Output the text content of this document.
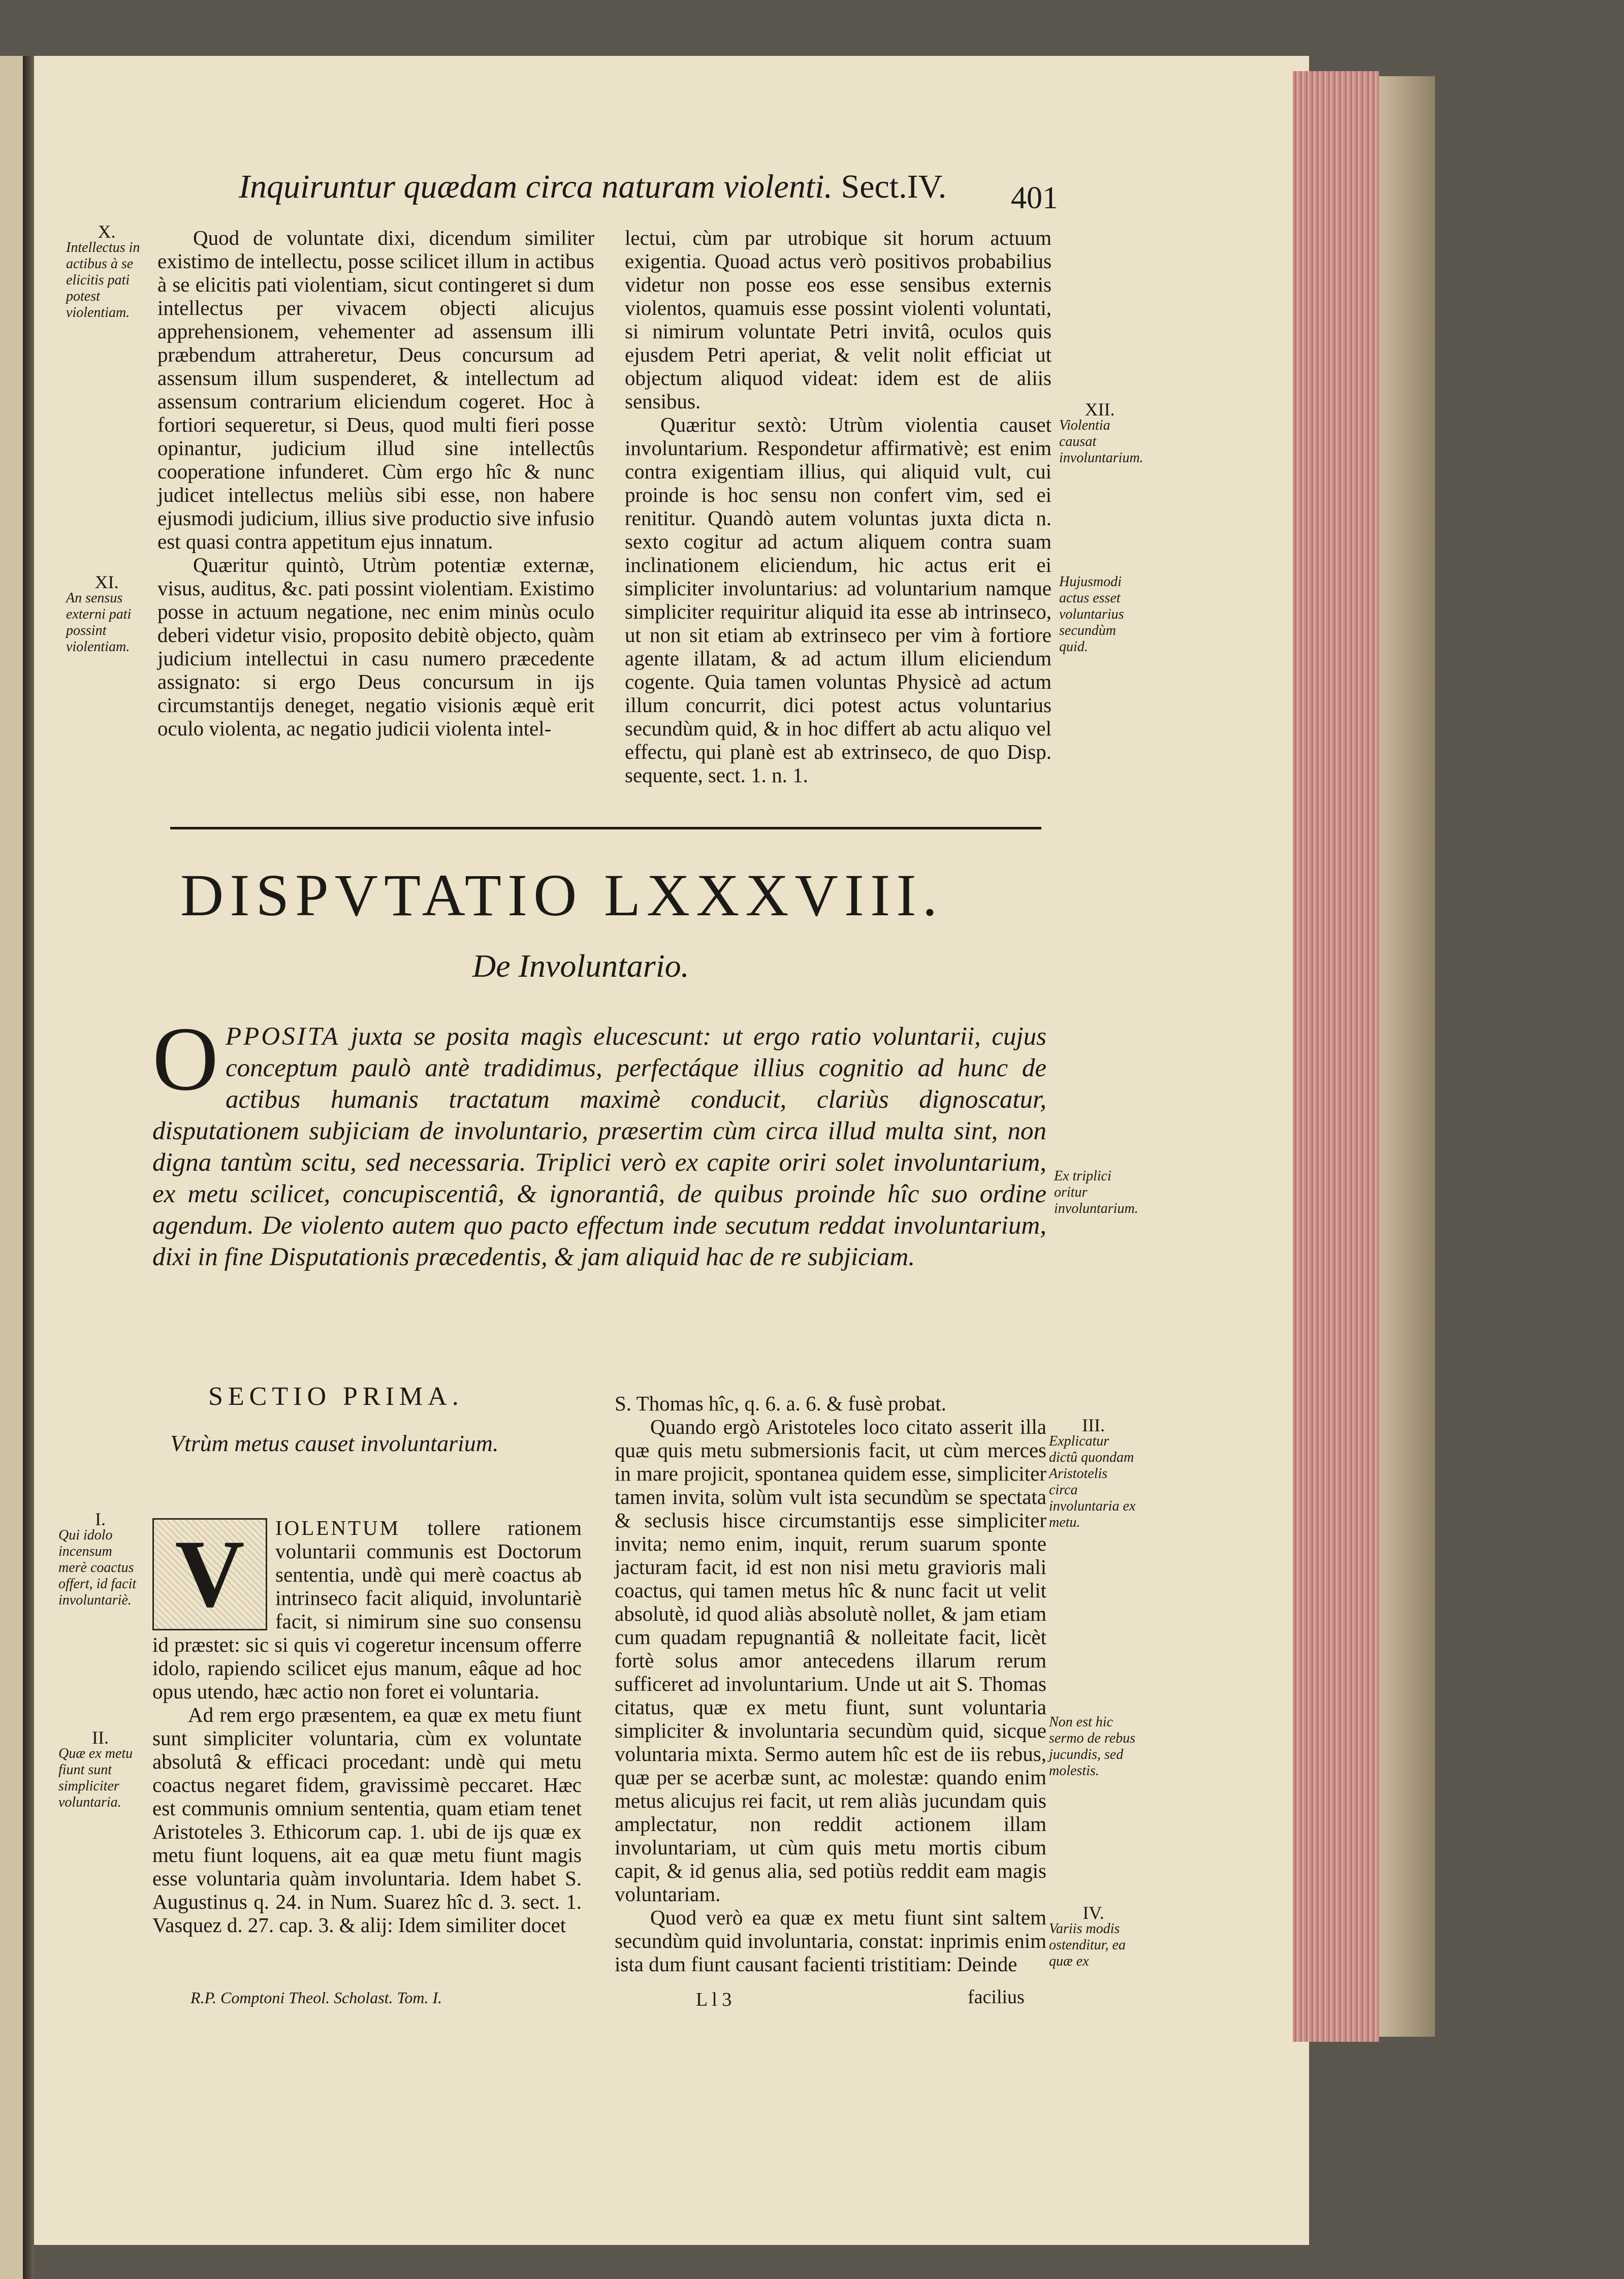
Inquiruntur quædam circa naturam violenti. Sect.IV.	401
X.
Intellectus in actibus à se elicitis pati potest violentiam.
XI.
An sensus externi pati possint violentiam.

Quod de voluntate dixi, dicendum similiter existimo de intellectu, posse scilicet illum in actibus à se elicitis pati violentiam, sicut contingeret si dum intellectus per vivacem objecti alicujus apprehensionem, vehementer ad assensum illi præbendum attraheretur, Deus concursum ad assensum illum suspenderet, & intellectum ad assensum contrarium eliciendum cogeret. Hoc à fortiori sequeretur, si Deus, quod multi fieri posse opinantur, judicium illud sine intellectûs cooperatione infunderet. Cùm ergo hîc & nunc judicet intellectus meliùs sibi esse, non habere ejusmodi judicium, illius sive productio sive infusio est quasi contra appetitum ejus innatum.

Quæritur quintò, Utrùm potentiæ externæ, visus, auditus, &c. pati possint violentiam. Existimo posse in actuum negatione, nec enim minùs oculo deberi videtur visio, proposito debitè objecto, quàm judicium intellectui in casu numero præcedente assignato: si ergo Deus concursum in ijs circumstantijs deneget, negatio visionis æquè erit oculo violenta, ac negatio judicii violenta intel-

lectui, cùm par utrobique sit horum actuum exigentia. Quoad actus verò positivos probabilius videtur non posse eos esse sensibus externis violentos, quamuis esse possint violenti voluntati, si nimirum voluntate Petri invitâ, oculos quis ejusdem Petri aperiat, & velit nolit efficiat ut objectum aliquod videat: idem est de aliis sensibus.

Quæritur sextò: Utrùm violentia causet involuntarium. Respondetur affirmativè; est enim contra exigentiam illius, qui aliquid vult, cui proinde is hoc sensu non confert vim, sed ei renititur. Quandò autem voluntas juxta dicta n. sexto cogitur ad actum aliquem contra suam inclinationem eliciendum, hic actus erit ei simpliciter involuntarius: ad voluntarium namque simpliciter requiritur aliquid ita esse ab intrinseco, ut non sit etiam ab extrinseco per vim à fortiore agente illatam, & ad actum illum eliciendum cogente. Quia tamen voluntas Physicè ad actum illum concurrit, dici potest actus voluntarius secundùm quid, & in hoc differt ab actu aliquo vel effectu, qui planè est ab extrinseco, de quo Disp. sequente, sect. 1. n. 1.

XII.
Violentia causat involuntarium.
Hujusmodi actus esset voluntarius secundùm quid.
DISPVTATIO LXXXVIII.
De Involuntario.
O PPOSITA juxta se posita magìs elucescunt: ut ergo ratio voluntarii, cujus conceptum paulò antè tradidimus, perfectáque illius cognitio ad hunc de actibus humanis tractatum maximè conducit, clariùs dignoscatur, disputationem subjiciam de involuntario, præsertim cùm circa illud multa sint, non digna tantùm scitu, sed necessaria. Triplici verò ex capite oriri solet involuntarium, ex metu scilicet, concupiscentiâ, & ignorantiâ, de quibus proinde hîc suo ordine agendum. De violento autem quo pacto effectum inde secutum reddat involuntarium, dixi in fine Disputationis præcedentis, & jam aliquid hac de re subjiciam.
Ex triplici oritur involuntarium.
SECTIO PRIMA.
Vtrùm metus causet involuntarium.
I.
Qui idolo incensum merè coactus offert, id facit involuntariè.
II.
Quæ ex metu fiunt sunt simpliciter voluntaria.

V	IOLENTUM tollere rationem voluntarii communis est Doctorum sententia, undè qui merè coactus ab intrinseco facit aliquid, involuntariè facit, si nimirum sine suo consensu id præstet: sic si quis vi cogeretur incensum offerre idolo, rapiendo scilicet ejus manum, eâque ad hoc opus utendo, hæc actio non foret ei voluntaria.

Ad rem ergo præsentem, ea quæ ex metu fiunt sunt simpliciter voluntaria, cùm ex voluntate absolutâ & efficaci procedant: undè qui metu coactus negaret fidem, gravissimè peccaret. Hæc est communis omnium sententia, quam etiam tenet Aristoteles 3. Ethicorum cap. 1. ubi de ijs quæ ex metu fiunt loquens, ait ea quæ metu fiunt magis esse voluntaria quàm involuntaria. Idem habet S. Augustinus q. 24. in Num. Suarez hîc d. 3. sect. 1. Vasquez d. 27. cap. 3. & alij: Idem similiter docet

S. Thomas hîc, q. 6. a. 6. & fusè probat.

Quando ergò Aristoteles loco citato asserit illa quæ quis metu submersionis facit, ut cùm merces in mare projicit, spontanea quidem esse, simpliciter tamen invita, solùm vult ista secundùm se spectata & seclusis hisce circumstantijs esse simpliciter invita; nemo enim, inquit, rerum suarum sponte jacturam facit, id est non nisi metu gravioris mali coactus, qui tamen metus hîc & nunc facit ut velit absolutè, id quod aliàs absolutè nollet, & jam etiam cum quadam repugnantiâ & nolleitate facit, licèt fortè solus amor antecedens illarum rerum sufficeret ad involuntarium. Unde ut ait S. Thomas citatus, quæ ex metu fiunt, sunt voluntaria simpliciter & involuntaria secundùm quid, sicque voluntaria mixta. Sermo autem hîc est de iis rebus, quæ per se acerbæ sunt, ac molestæ: quando enim metus alicujus rei facit, ut rem aliàs jucundam quis amplectatur, non reddit actionem illam involuntariam, ut cùm quis metu mortis cibum capit, & id genus alia, sed potiùs reddit eam magis voluntariam.

Quod verò ea quæ ex metu fiunt sint saltem secundùm quid involuntaria, constat: inprimis enim ista dum fiunt causant facienti tristitiam: Deinde

III.
Explicatur dictû quondam Aristotelis circa involuntaria ex metu.
Non est hic sermo de rebus jucundis, sed molestis.
IV.
Variis modis ostenditur, ea quæ ex
R.P. Comptoni Theol. Scholast. Tom. I.	L l 3	facilius
